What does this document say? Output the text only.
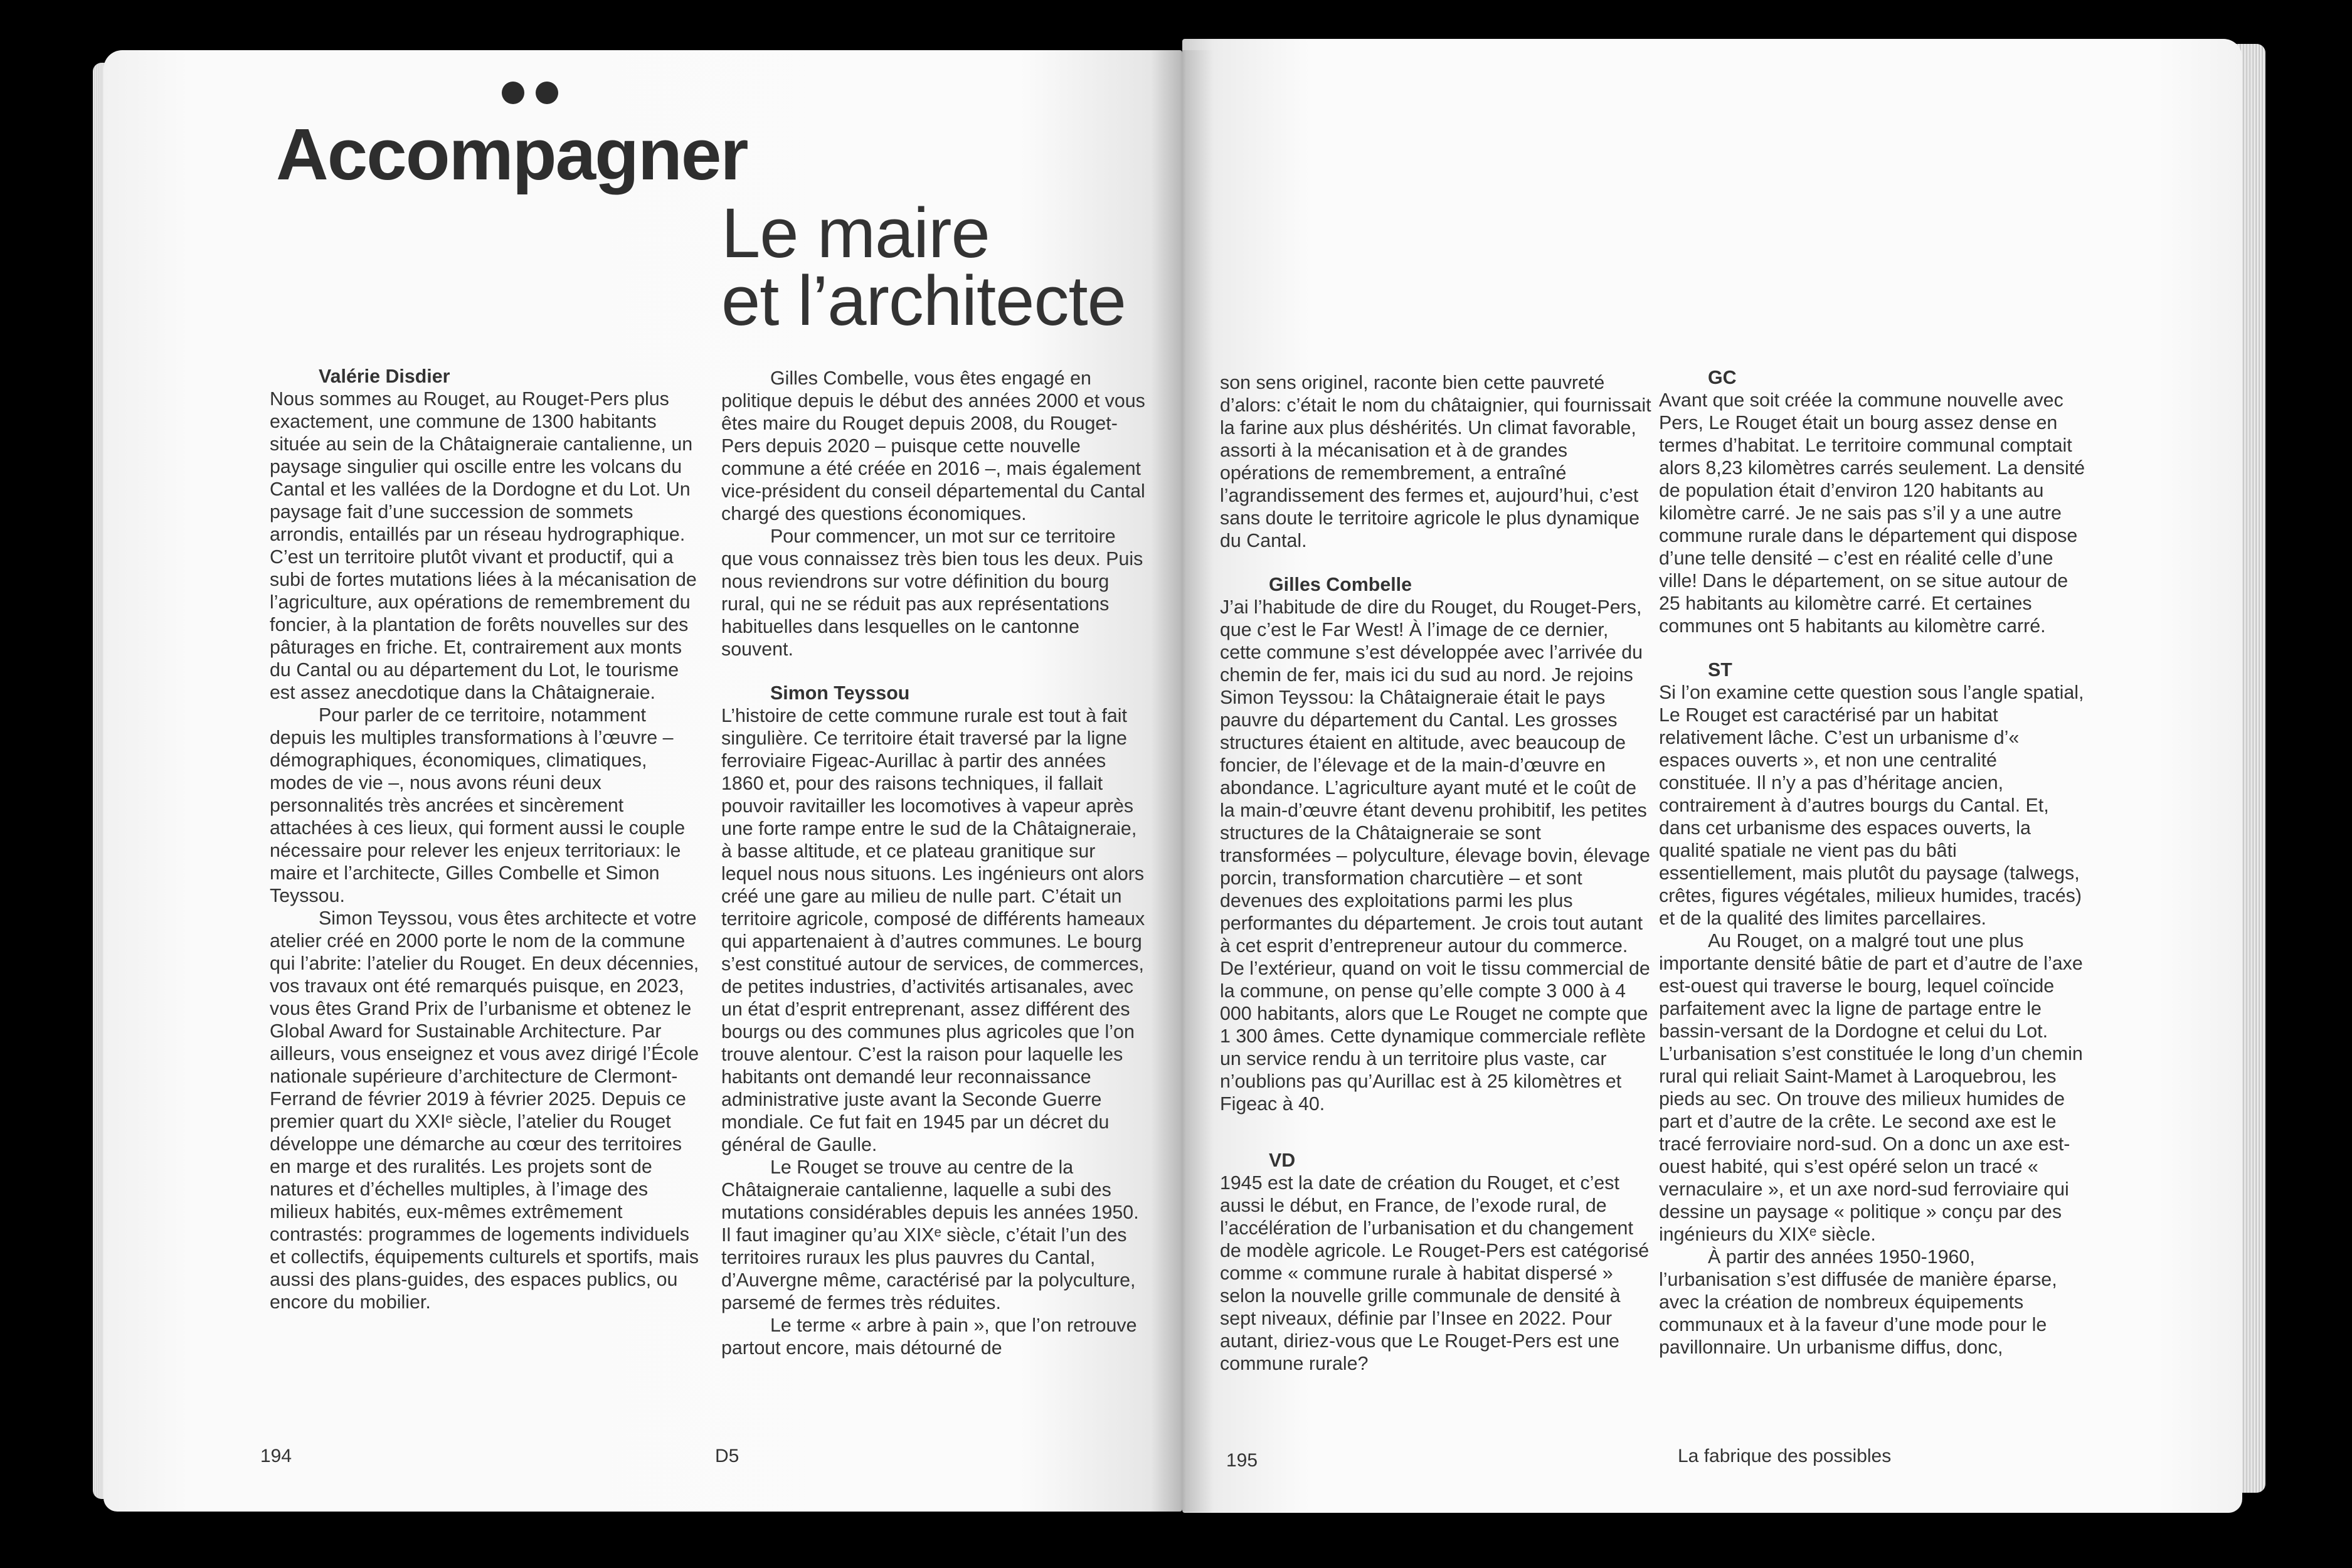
Accompagner
Le maire
et l’architecte

Valérie Disdier

Nous sommes au Rouget, au Rouget-Pers plus exactement, une commune de 1300 habitants située au sein de la Châtaigneraie cantalienne, un paysage singulier qui oscille entre les volcans du Cantal et les vallées de la Dordogne et du Lot. Un paysage fait d’une succession de sommets arrondis, entaillés par un réseau hydrographique. C’est un territoire plutôt vivant et productif, qui a subi de fortes mutations liées à la mécanisation de l’agriculture, aux opérations de remembrement du foncier, à la plantation de forêts nouvelles sur des pâturages en friche. Et, contrairement aux monts du Cantal ou au département du Lot, le tourisme est assez anecdotique dans la Châtaigneraie.

Pour parler de ce territoire, notamment depuis les multiples transformations à l’œuvre – démographiques, économiques, climatiques, modes de vie –, nous avons réuni deux personnalités très ancrées et sincèrement attachées à ces lieux, qui forment aussi le couple nécessaire pour relever les enjeux territoriaux: le maire et l’architecte, Gilles Combelle et Simon Teyssou.

Simon Teyssou, vous êtes architecte et votre atelier créé en 2000 porte le nom de la commune qui l’abrite: l’atelier du Rouget. En deux décennies, vos travaux ont été remarqués puisque, en 2023, vous êtes Grand Prix de l’urbanisme et obtenez le Global Award for Sustainable Architecture. Par ailleurs, vous enseignez et vous avez dirigé l’École nationale supérieure d’architecture de Clermont-Ferrand de février 2019 à février 2025. Depuis ce premier quart du XXIᵉ siècle, l’atelier du Rouget développe une démarche au cœur des territoires en marge et des ruralités. Les projets sont de natures et d’échelles multiples, à l’image des milieux habités, eux-mêmes extrêmement contrastés: programmes de logements individuels et collectifs, équipements culturels et sportifs, mais aussi des plans-guides, des espaces publics, ou encore du mobilier.

Gilles Combelle, vous êtes engagé en politique depuis le début des années 2000 et vous êtes maire du Rouget depuis 2008, du Rouget-Pers depuis 2020 – puisque cette nouvelle commune a été créée en 2016 –, mais également vice-président du conseil départemental du Cantal chargé des questions économiques.

Pour commencer, un mot sur ce territoire que vous connaissez très bien tous les deux. Puis nous reviendrons sur votre définition du bourg rural, qui ne se réduit pas aux représentations habituelles dans lesquelles on le cantonne souvent.

Simon Teyssou

L’histoire de cette commune rurale est tout à fait singulière. Ce territoire était traversé par la ligne ferroviaire Figeac-Aurillac à partir des années 1860 et, pour des raisons techniques, il fallait pouvoir ravitailler les locomotives à vapeur après une forte rampe entre le sud de la Châtaigneraie, à basse altitude, et ce plateau granitique sur lequel nous nous situons. Les ingénieurs ont alors créé une gare au milieu de nulle part. C’était un territoire agricole, composé de différents hameaux qui appartenaient à d’autres communes. Le bourg s’est constitué autour de services, de commerces, de petites industries, d’activités artisanales, avec un état d’esprit entreprenant, assez différent des bourgs ou des communes plus agricoles que l’on trouve alentour. C’est la raison pour laquelle les habitants ont demandé leur reconnaissance administrative juste avant la Seconde Guerre mondiale. Ce fut fait en 1945 par un décret du général de Gaulle.

Le Rouget se trouve au centre de la Châtaigneraie cantalienne, laquelle a subi des mutations considérables depuis les années 1950. Il faut imaginer qu’au XIXᵉ siècle, c’était l’un des territoires ruraux les plus pauvres du Cantal, d’Auvergne même, caractérisé par la polyculture, parsemé de fermes très réduites.

Le terme « arbre à pain », que l’on retrouve partout encore, mais détourné de

194	D5

son sens originel, raconte bien cette pauvreté d’alors: c’était le nom du châtaignier, qui fournissait la farine aux plus déshérités. Un climat favorable, assorti à la mécanisation et à de grandes opérations de remembrement, a entraîné l’agrandissement des fermes et, aujourd’hui, c’est sans doute le territoire agricole le plus dynamique du Cantal.

Gilles Combelle

J’ai l’habitude de dire du Rouget, du Rouget-Pers, que c’est le Far West! À l’image de ce dernier, cette commune s’est développée avec l’arrivée du chemin de fer, mais ici du sud au nord. Je rejoins Simon Teyssou: la Châtaigneraie était le pays pauvre du département du Cantal. Les grosses structures étaient en altitude, avec beaucoup de foncier, de l’élevage et de la main-d’œuvre en abondance. L’agriculture ayant muté et le coût de la main-d’œuvre étant devenu prohibitif, les petites structures de la Châtaigneraie se sont transformées – polyculture, élevage bovin, élevage porcin, transformation charcutière – et sont devenues des exploitations parmi les plus performantes du département. Je crois tout autant à cet esprit d’entrepreneur autour du commerce. De l’extérieur, quand on voit le tissu commercial de la commune, on pense qu’elle compte 3 000 à 4 000 habitants, alors que Le Rouget ne compte que 1 300 âmes. Cette dynamique commerciale reflète un service rendu à un territoire plus vaste, car n’oublions pas qu’Aurillac est à 25 kilomètres et Figeac à 40.

VD

1945 est la date de création du Rouget, et c’est aussi le début, en France, de l’exode rural, de l’accélération de l’urbanisation et du changement de modèle agricole. Le Rouget-Pers est catégorisé comme « commune rurale à habitat dispersé » selon la nouvelle grille communale de densité à sept niveaux, définie par l’Insee en 2022. Pour autant, diriez-vous que Le Rouget-Pers est une commune rurale?

GC

Avant que soit créée la commune nouvelle avec Pers, Le Rouget était un bourg assez dense en termes d’habitat. Le territoire communal comptait alors 8,23 kilomètres carrés seulement. La densité de population était d’environ 120 habitants au kilomètre carré. Je ne sais pas s’il y a une autre commune rurale dans le département qui dispose d’une telle densité – c’est en réalité celle d’une ville! Dans le département, on se situe autour de 25 habitants au kilomètre carré. Et certaines communes ont 5 habitants au kilomètre carré.

ST

Si l’on examine cette question sous l’angle spatial, Le Rouget est caractérisé par un habitat relativement lâche. C’est un urbanisme d’« espaces ouverts », et non une centralité constituée. Il n’y a pas d’héritage ancien, contrairement à d’autres bourgs du Cantal. Et, dans cet urbanisme des espaces ouverts, la qualité spatiale ne vient pas du bâti essentiellement, mais plutôt du paysage (talwegs, crêtes, figures végétales, milieux humides, tracés) et de la qualité des limites parcellaires.

Au Rouget, on a malgré tout une plus importante densité bâtie de part et d’autre de l’axe est-ouest qui traverse le bourg, lequel coïncide parfaitement avec la ligne de partage entre le bassin-versant de la Dordogne et celui du Lot. L’urbanisation s’est constituée le long d’un chemin rural qui reliait Saint-Mamet à Laroquebrou, les pieds au sec. On trouve des milieux humides de part et d’autre de la crête. Le second axe est le tracé ferroviaire nord-sud. On a donc un axe est-ouest habité, qui s’est opéré selon un tracé « vernaculaire », et un axe nord-sud ferroviaire qui dessine un paysage « politique » conçu par des ingénieurs du XIXᵉ siècle.

À partir des années 1950-1960, l’urbanisation s’est diffusée de manière éparse, avec la création de nombreux équipements communaux et à la faveur d’une mode pour le pavillonnaire. Un urbanisme diffus, donc,

195	La fabrique des possibles
